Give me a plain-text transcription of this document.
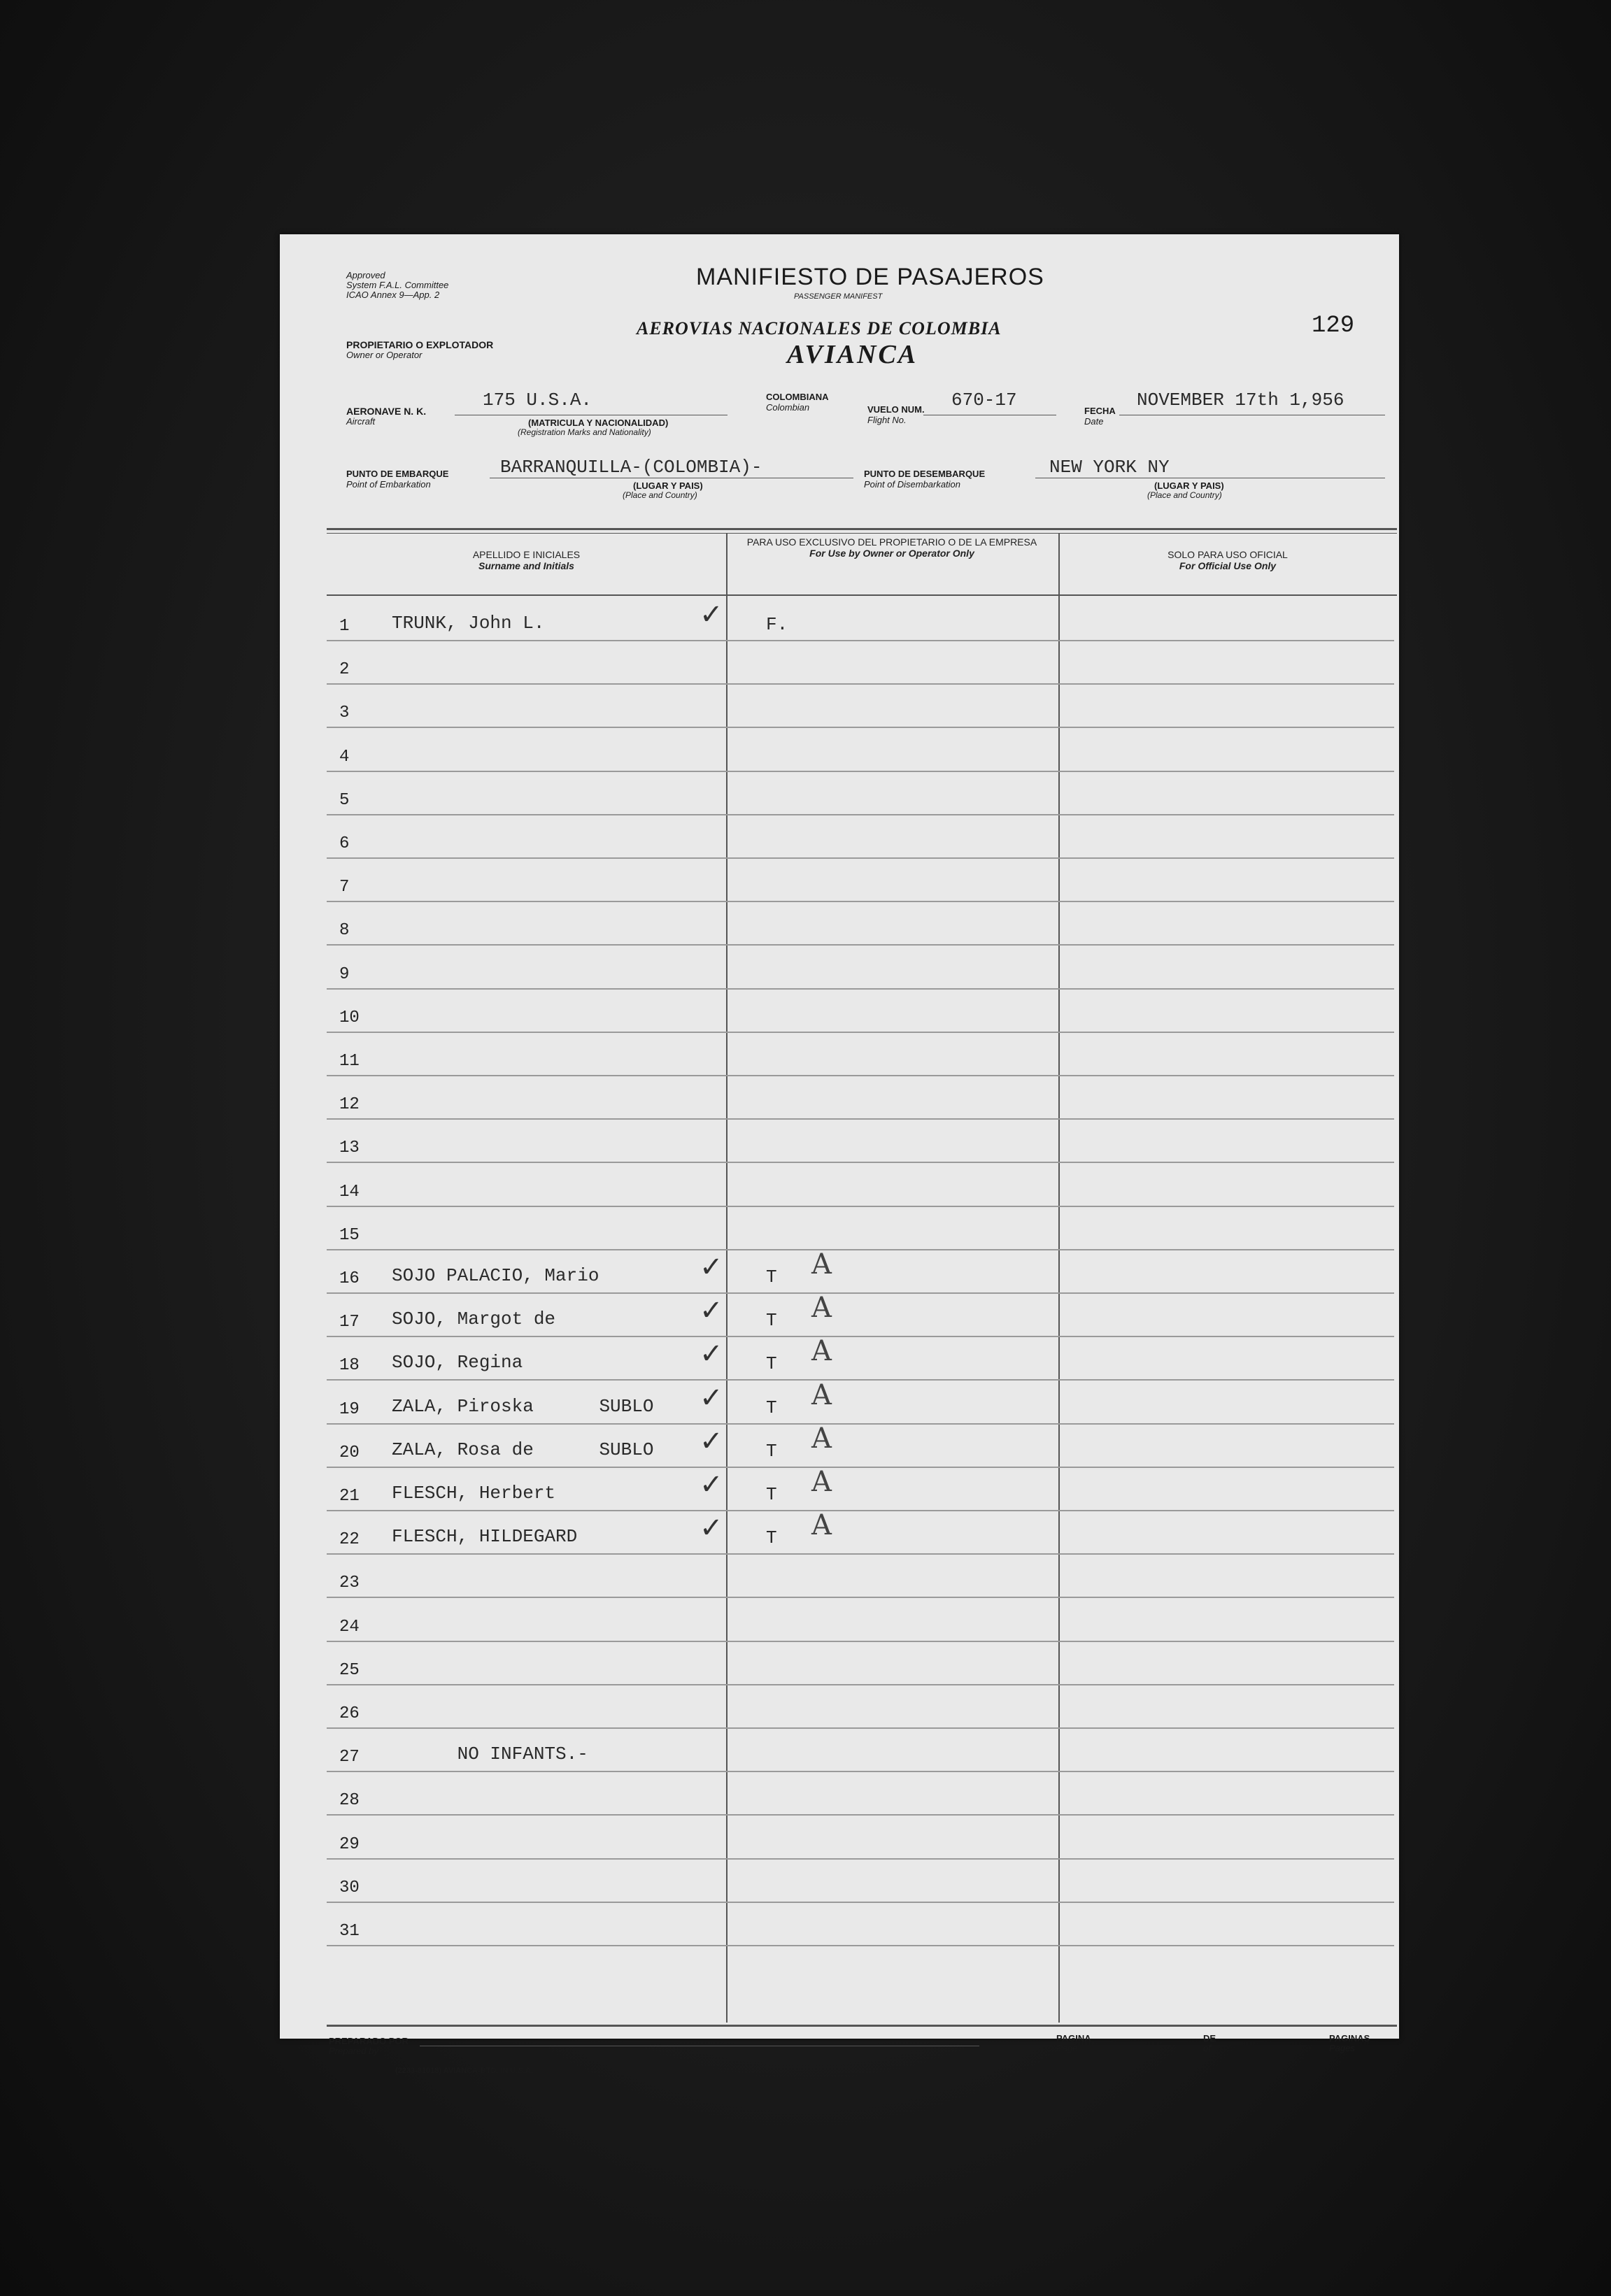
Approved
System F.A.L. Committee
ICAO Annex 9—App. 2
MANIFIESTO DE PASAJEROS
PASSENGER MANIFEST
129
PROPIETARIO O EXPLOTADOR
Owner or Operator
AEROVIAS NACIONALES DE COLOMBIA
AVIANCA
AERONAVE N. K.
Aircraft
175 U.S.A.
(MATRICULA Y NACIONALIDAD)
(Registration Marks and Nationality)
COLOMBIANA
Colombian	VUELO NUM.
Flight No.
670-17
FECHA
Date
NOVEMBER 17th 1,956
PUNTO DE EMBARQUE
Point of Embarkation
BARRANQUILLA-(COLOMBIA)-
(LUGAR Y PAIS)
(Place and Country)
PUNTO DE DESEMBARQUE
Point of Disembarkation
NEW YORK NY
(LUGAR Y PAIS)
(Place and Country)
APELLIDO E INICIALES
Surname and Initials
PARA USO EXCLUSIVO DEL PROPIETARIO O DE LA EMPRESA
For Use by Owner or Operator Only	SOLO PARA USO OFICIAL
For Official Use Only
1	TRUNK, John L.	✓ F.
2
3
4
5
6
7
8
9
10
11
12
13
14
15
16	SOJO PALACIO, Mario	✓ T A
17	SOJO, Margot de	✓ T A
18	SOJO, Regina	✓ T A
19	ZALA, Piroska      SUBLO ✓ T A
20	ZALA, Rosa de      SUBLO ✓ T A
21	FLESCH, Herbert	✓ T A
22	FLESCH, HILDEGARD	✓ T A
23
24
25
26
27	NO INFANTS.-
28
29
30
31
PREPARADO POR
Prepared by
(2233-81018) AVIANCA-BTD. IN U.S.A.
PAGINA
Page
DE
of
PAGINAS
Pages
